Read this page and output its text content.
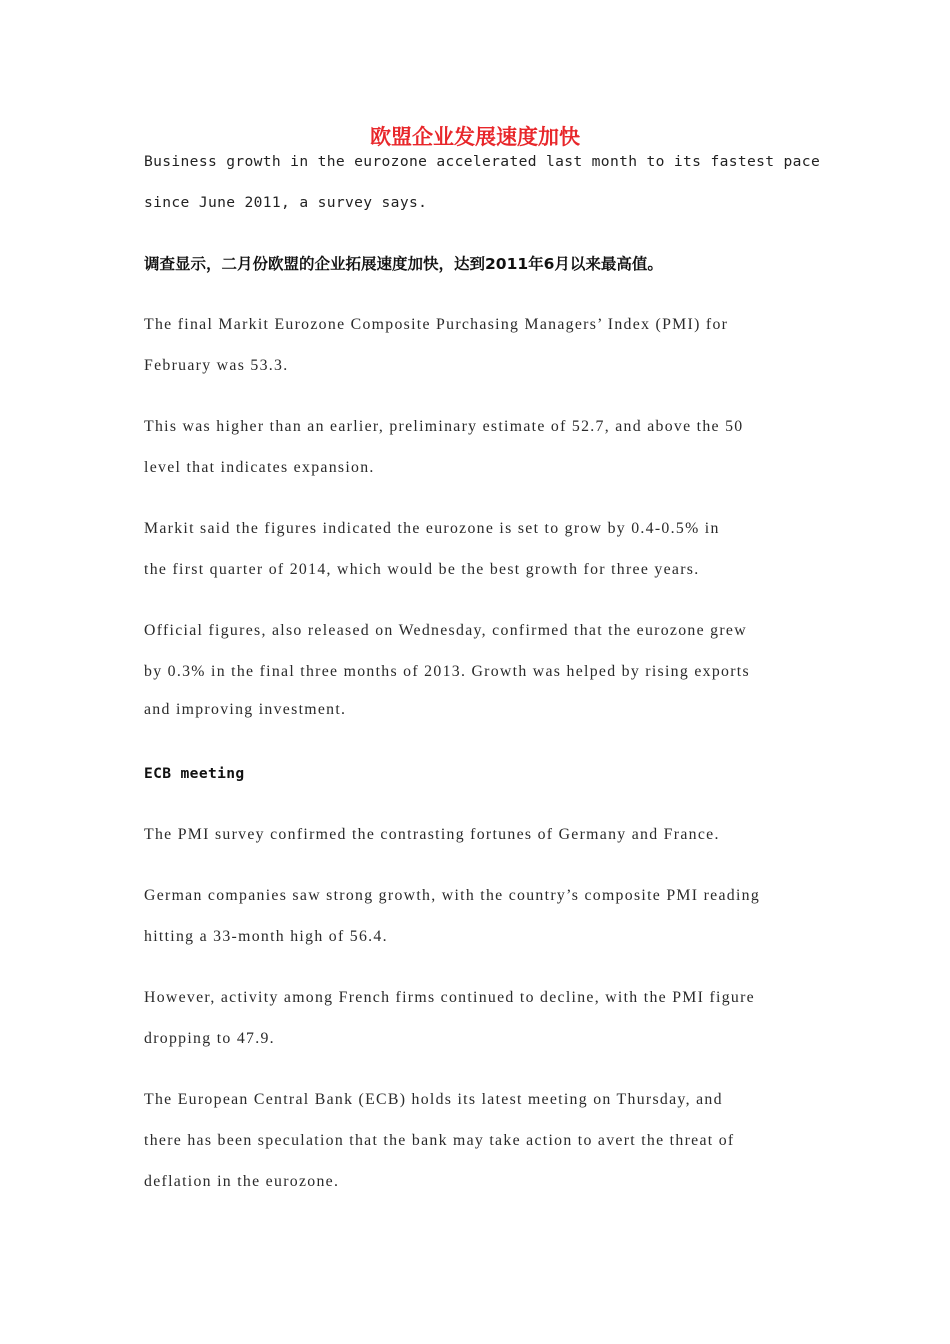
欧盟企业发展速度加快

Business growth in the eurozone accelerated last month to its fastest pace

since June 2011, a survey says.

调查显示，二月份欧盟的企业拓展速度加快，达到2011年6月以来最高值。

The final Markit Eurozone Composite Purchasing Managers’ Index (PMI) for

February was 53.3.

This was higher than an earlier, preliminary estimate of 52.7, and above the 50

level that indicates expansion.

Markit said the figures indicated the eurozone is set to grow by 0.4-0.5% in

the first quarter of 2014, which would be the best growth for three years.

Official figures, also released on Wednesday, confirmed that the eurozone grew

by 0.3% in the final three months of 2013. Growth was helped by rising exports

and improving investment.

ECB meeting

The PMI survey confirmed the contrasting fortunes of Germany and France.

German companies saw strong growth, with the country’s composite PMI reading

hitting a 33-month high of 56.4.

However, activity among French firms continued to decline, with the PMI figure

dropping to 47.9.

The European Central Bank (ECB) holds its latest meeting on Thursday, and

there has been speculation that the bank may take action to avert the threat of

deflation in the eurozone.
